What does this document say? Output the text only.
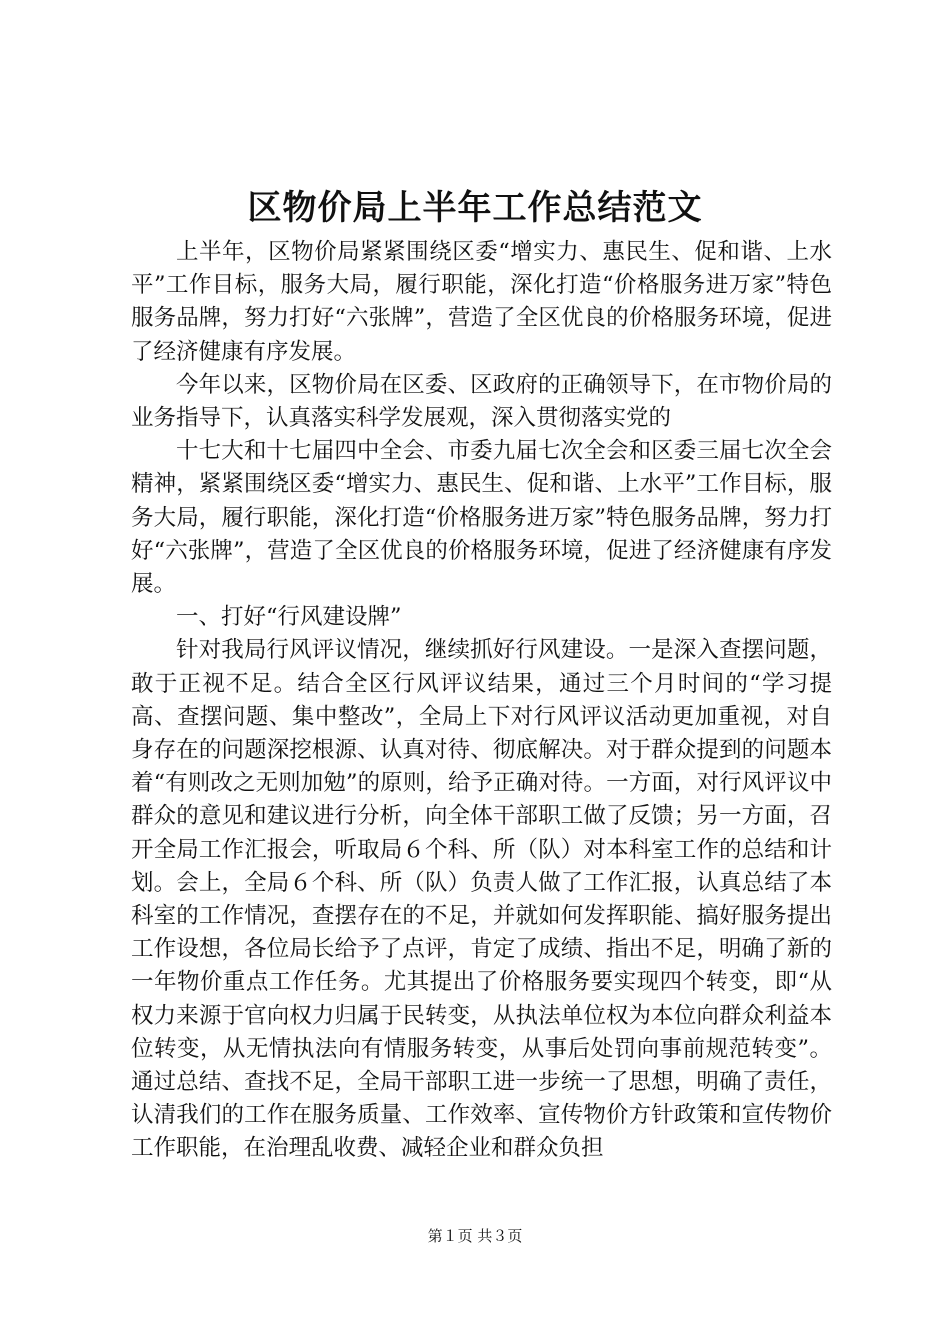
区物价局上半年工作总结范文

上半年，区物价局紧紧围绕区委“增实力、惠民生、促和谐、上水平”工作目标，服务大局，履行职能，深化打造“价格服务进万家”特色服务品牌，努力打好“六张牌”，营造了全区优良的价格服务环境，促进了经济健康有序发展。

今年以来，区物价局在区委、区政府的正确领导下，在市物价局的业务指导下，认真落实科学发展观，深入贯彻落实党的

十七大和十七届四中全会、市委九届七次全会和区委三届七次全会精神，紧紧围绕区委“增实力、惠民生、促和谐、上水平”工作目标，服务大局，履行职能，深化打造“价格服务进万家”特色服务品牌，努力打好“六张牌”，营造了全区优良的价格服务环境，促进了经济健康有序发展。

一、打好“行风建设牌”

针对我局行风评议情况，继续抓好行风建设。一是深入查摆问题，敢于正视不足。结合全区行风评议结果，通过三个月时间的“学习提高、查摆问题、集中整改”，全局上下对行风评议活动更加重视，对自身存在的问题深挖根源、认真对待、彻底解决。对于群众提到的问题本着“有则改之无则加勉”的原则，给予正确对待。一方面，对行风评议中群众的意见和建议进行分析，向全体干部职工做了反馈；另一方面，召开全局工作汇报会，听取局６个科、所（队）对本科室工作的总结和计划。会上，全局６个科、所（队）负责人做了工作汇报，认真总结了本科室的工作情况，查摆存在的不足，并就如何发挥职能、搞好服务提出工作设想，各位局长给予了点评，肯定了成绩、指出不足，明确了新的一年物价重点工作任务。尤其提出了价格服务要实现四个转变，即“从权力来源于官向权力归属于民转变，从执法单位权为本位向群众利益本位转变，从无情执法向有情服务转变，从事后处罚向事前规范转变”。通过总结、查找不足，全局干部职工进一步统一了思想，明确了责任，认清我们的工作在服务质量、工作效率、宣传物价方针政策和宣传物价工作职能，在治理乱收费、减轻企业和群众负担

第１页 共３页
